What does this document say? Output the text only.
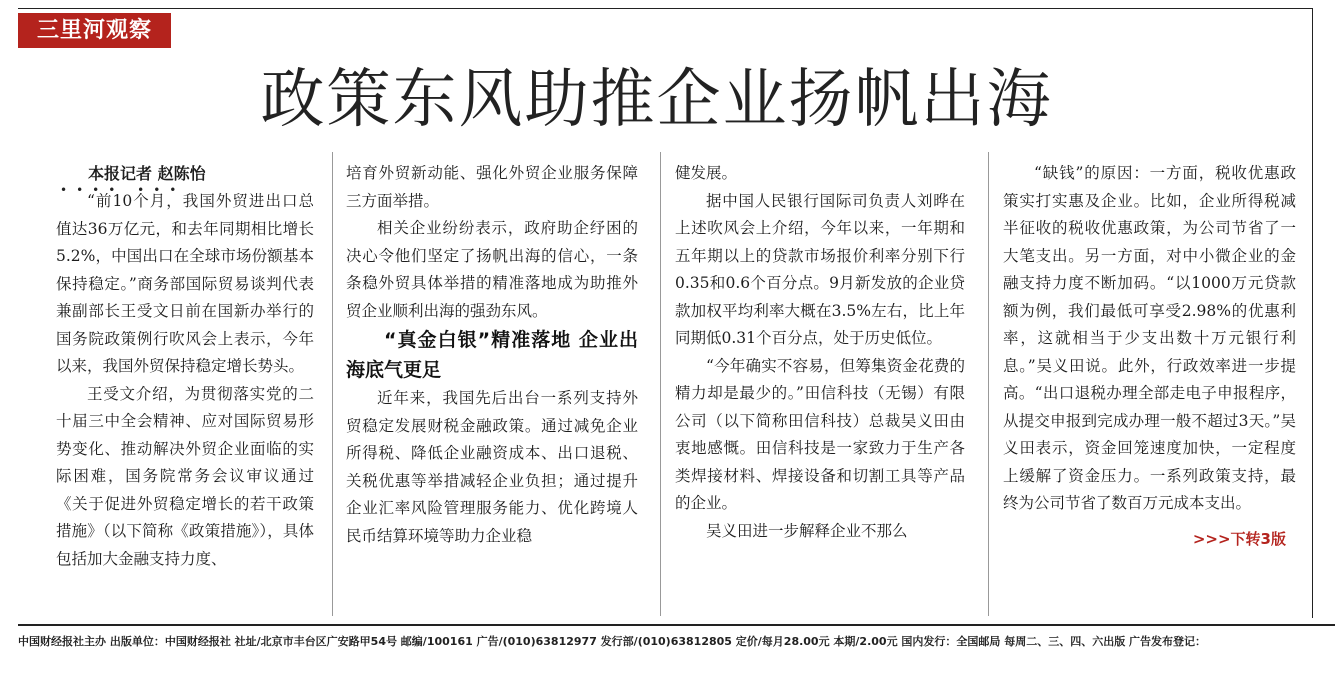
三里河观察
政策东风助推企业扬帆出海

本报记者 赵陈怡

“前10个月，我国外贸进出口总值达36万亿元，和去年同期相比增长5.2%，中国出口在全球市场份额基本保持稳定。”商务部国际贸易谈判代表兼副部长王受文日前在国新办举行的国务院政策例行吹风会上表示，今年以来，我国外贸保持稳定增长势头。

王受文介绍，为贯彻落实党的二十届三中全会精神、应对国际贸易形势变化、推动解决外贸企业面临的实际困难，国务院常务会议审议通过《关于促进外贸稳定增长的若干政策措施》（以下简称《政策措施》），具体包括加大金融支持力度、

•••• •••

培育外贸新动能、强化外贸企业服务保障三方面举措。

相关企业纷纷表示，政府助企纾困的决心令他们坚定了扬帆出海的信心，一条条稳外贸具体举措的精准落地成为助推外贸企业顺利出海的强劲东风。

“真金白银”精准落地 企业出海底气更足

近年来，我国先后出台一系列支持外贸稳定发展财税金融政策。通过减免企业所得税、降低企业融资成本、出口退税、关税优惠等举措减轻企业负担；通过提升企业汇率风险管理服务能力、优化跨境人民币结算环境等助力企业稳

健发展。

据中国人民银行国际司负责人刘晔在上述吹风会上介绍，今年以来，一年期和五年期以上的贷款市场报价利率分别下行0.35和0.6个百分点。9月新发放的企业贷款加权平均利率大概在3.5%左右，比上年同期低0.31个百分点，处于历史低位。

“今年确实不容易，但筹集资金花费的精力却是最少的。”田信科技（无锡）有限公司（以下简称田信科技）总裁吴义田由衷地感慨。田信科技是一家致力于生产各类焊接材料、焊接设备和切割工具等产品的企业。

吴义田进一步解释企业不那么

“缺钱”的原因：一方面，税收优惠政策实打实惠及企业。比如，企业所得税减半征收的税收优惠政策，为公司节省了一大笔支出。另一方面，对中小微企业的金融支持力度不断加码。“以1000万元贷款额为例，我们最低可享受2.98%的优惠利率，这就相当于少支出数十万元银行利息。”吴义田说。此外，行政效率进一步提高。“出口退税办理全部走电子申报程序，从提交申报到完成办理一般不超过3天。”吴义田表示，资金回笼速度加快，一定程度上缓解了资金压力。一系列政策支持，最终为公司节省了数百万元成本支出。

>>>下转3版
中国财经报社主办 出版单位：中国财经报社 社址/北京市丰台区广安路甲54号 邮编/100161 广告/(010)63812977 发行部/(010)63812805 定价/每月28.00元 本期/2.00元 国内发行：全国邮局 每周二、三、四、六出版 广告发布登记：
